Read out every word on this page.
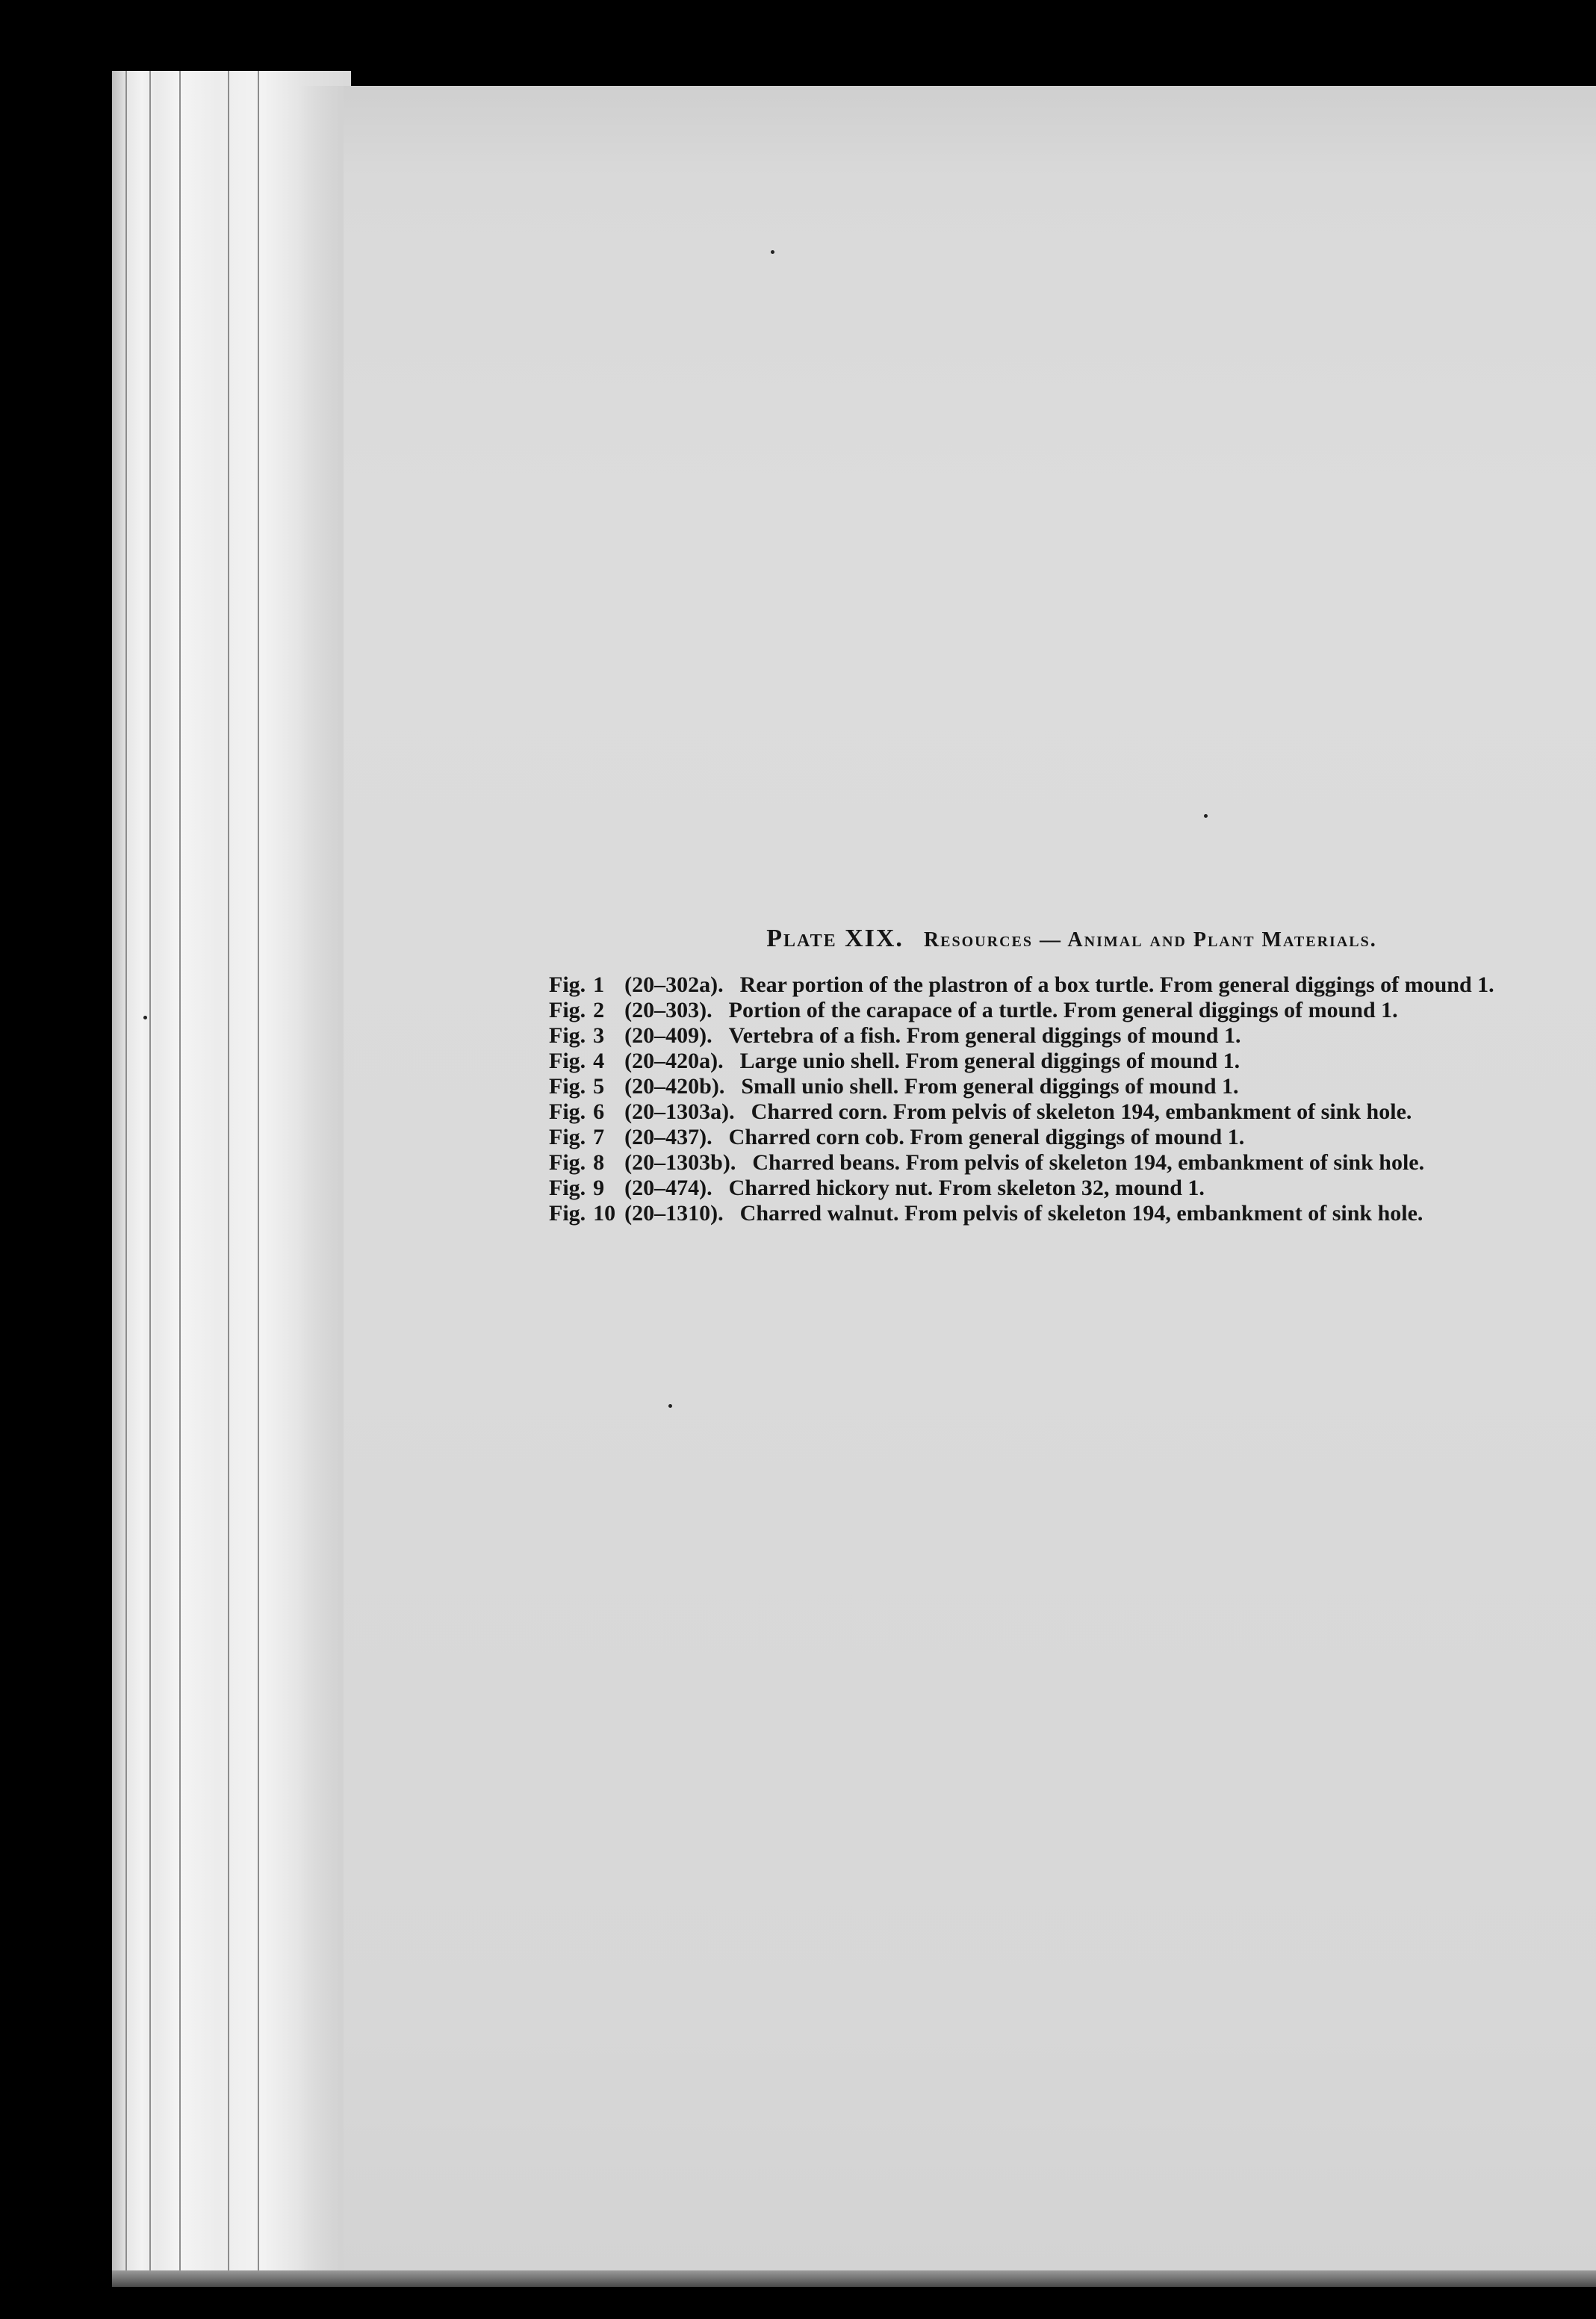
Plate XIX. Resources — Animal and Plant Materials.
Fig. 1 (20–302a). Rear portion of the plastron of a box turtle. From general diggings of mound 1.
Fig. 2 (20–303). Portion of the carapace of a turtle. From general diggings of mound 1.
Fig. 3 (20–409). Vertebra of a fish. From general diggings of mound 1.
Fig. 4 (20–420a). Large unio shell. From general diggings of mound 1.
Fig. 5 (20–420b). Small unio shell. From general diggings of mound 1.
Fig. 6 (20–1303a). Charred corn. From pelvis of skeleton 194, embankment of sink hole.
Fig. 7 (20–437). Charred corn cob. From general diggings of mound 1.
Fig. 8 (20–1303b). Charred beans. From pelvis of skeleton 194, embankment of sink hole.
Fig. 9 (20–474). Charred hickory nut. From skeleton 32, mound 1.
Fig. 10 (20–1310). Charred walnut. From pelvis of skeleton 194, embankment of sink hole.
